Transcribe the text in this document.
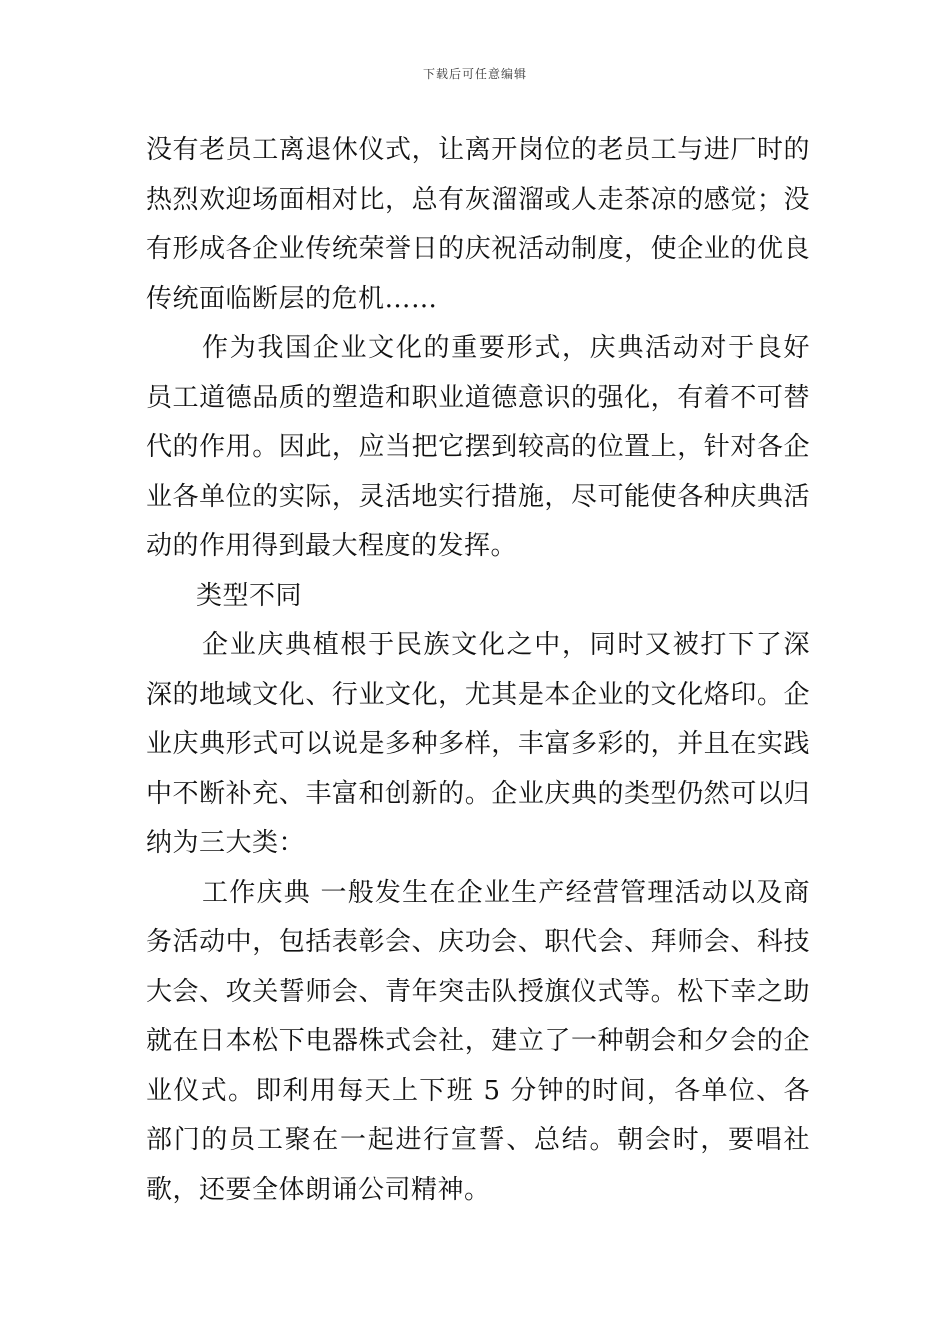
下载后可任意编辑

没有老员工离退休仪式，让离开岗位的老员工与进厂时的热烈欢迎场面相对比，总有灰溜溜或人走茶凉的感觉；没有形成各企业传统荣誉日的庆祝活动制度，使企业的优良传统面临断层的危机……

作为我国企业文化的重要形式，庆典活动对于良好员工道德品质的塑造和职业道德意识的强化，有着不可替代的作用。因此，应当把它摆到较高的位置上，针对各企业各单位的实际，灵活地实行措施，尽可能使各种庆典活动的作用得到最大程度的发挥。

类型不同

企业庆典植根于民族文化之中，同时又被打下了深深的地域文化、行业文化，尤其是本企业的文化烙印。企业庆典形式可以说是多种多样，丰富多彩的，并且在实践中不断补充、丰富和创新的。企业庆典的类型仍然可以归纳为三大类：

工作庆典 一般发生在企业生产经营管理活动以及商务活动中，包括表彰会、庆功会、职代会、拜师会、科技大会、攻关誓师会、青年突击队授旗仪式等。松下幸之助就在日本松下电器株式会社，建立了一种朝会和夕会的企业仪式。即利用每天上下班 5 分钟的时间，各单位、各部门的员工聚在一起进行宣誓、总结。朝会时，要唱社歌，还要全体朗诵公司精神。
